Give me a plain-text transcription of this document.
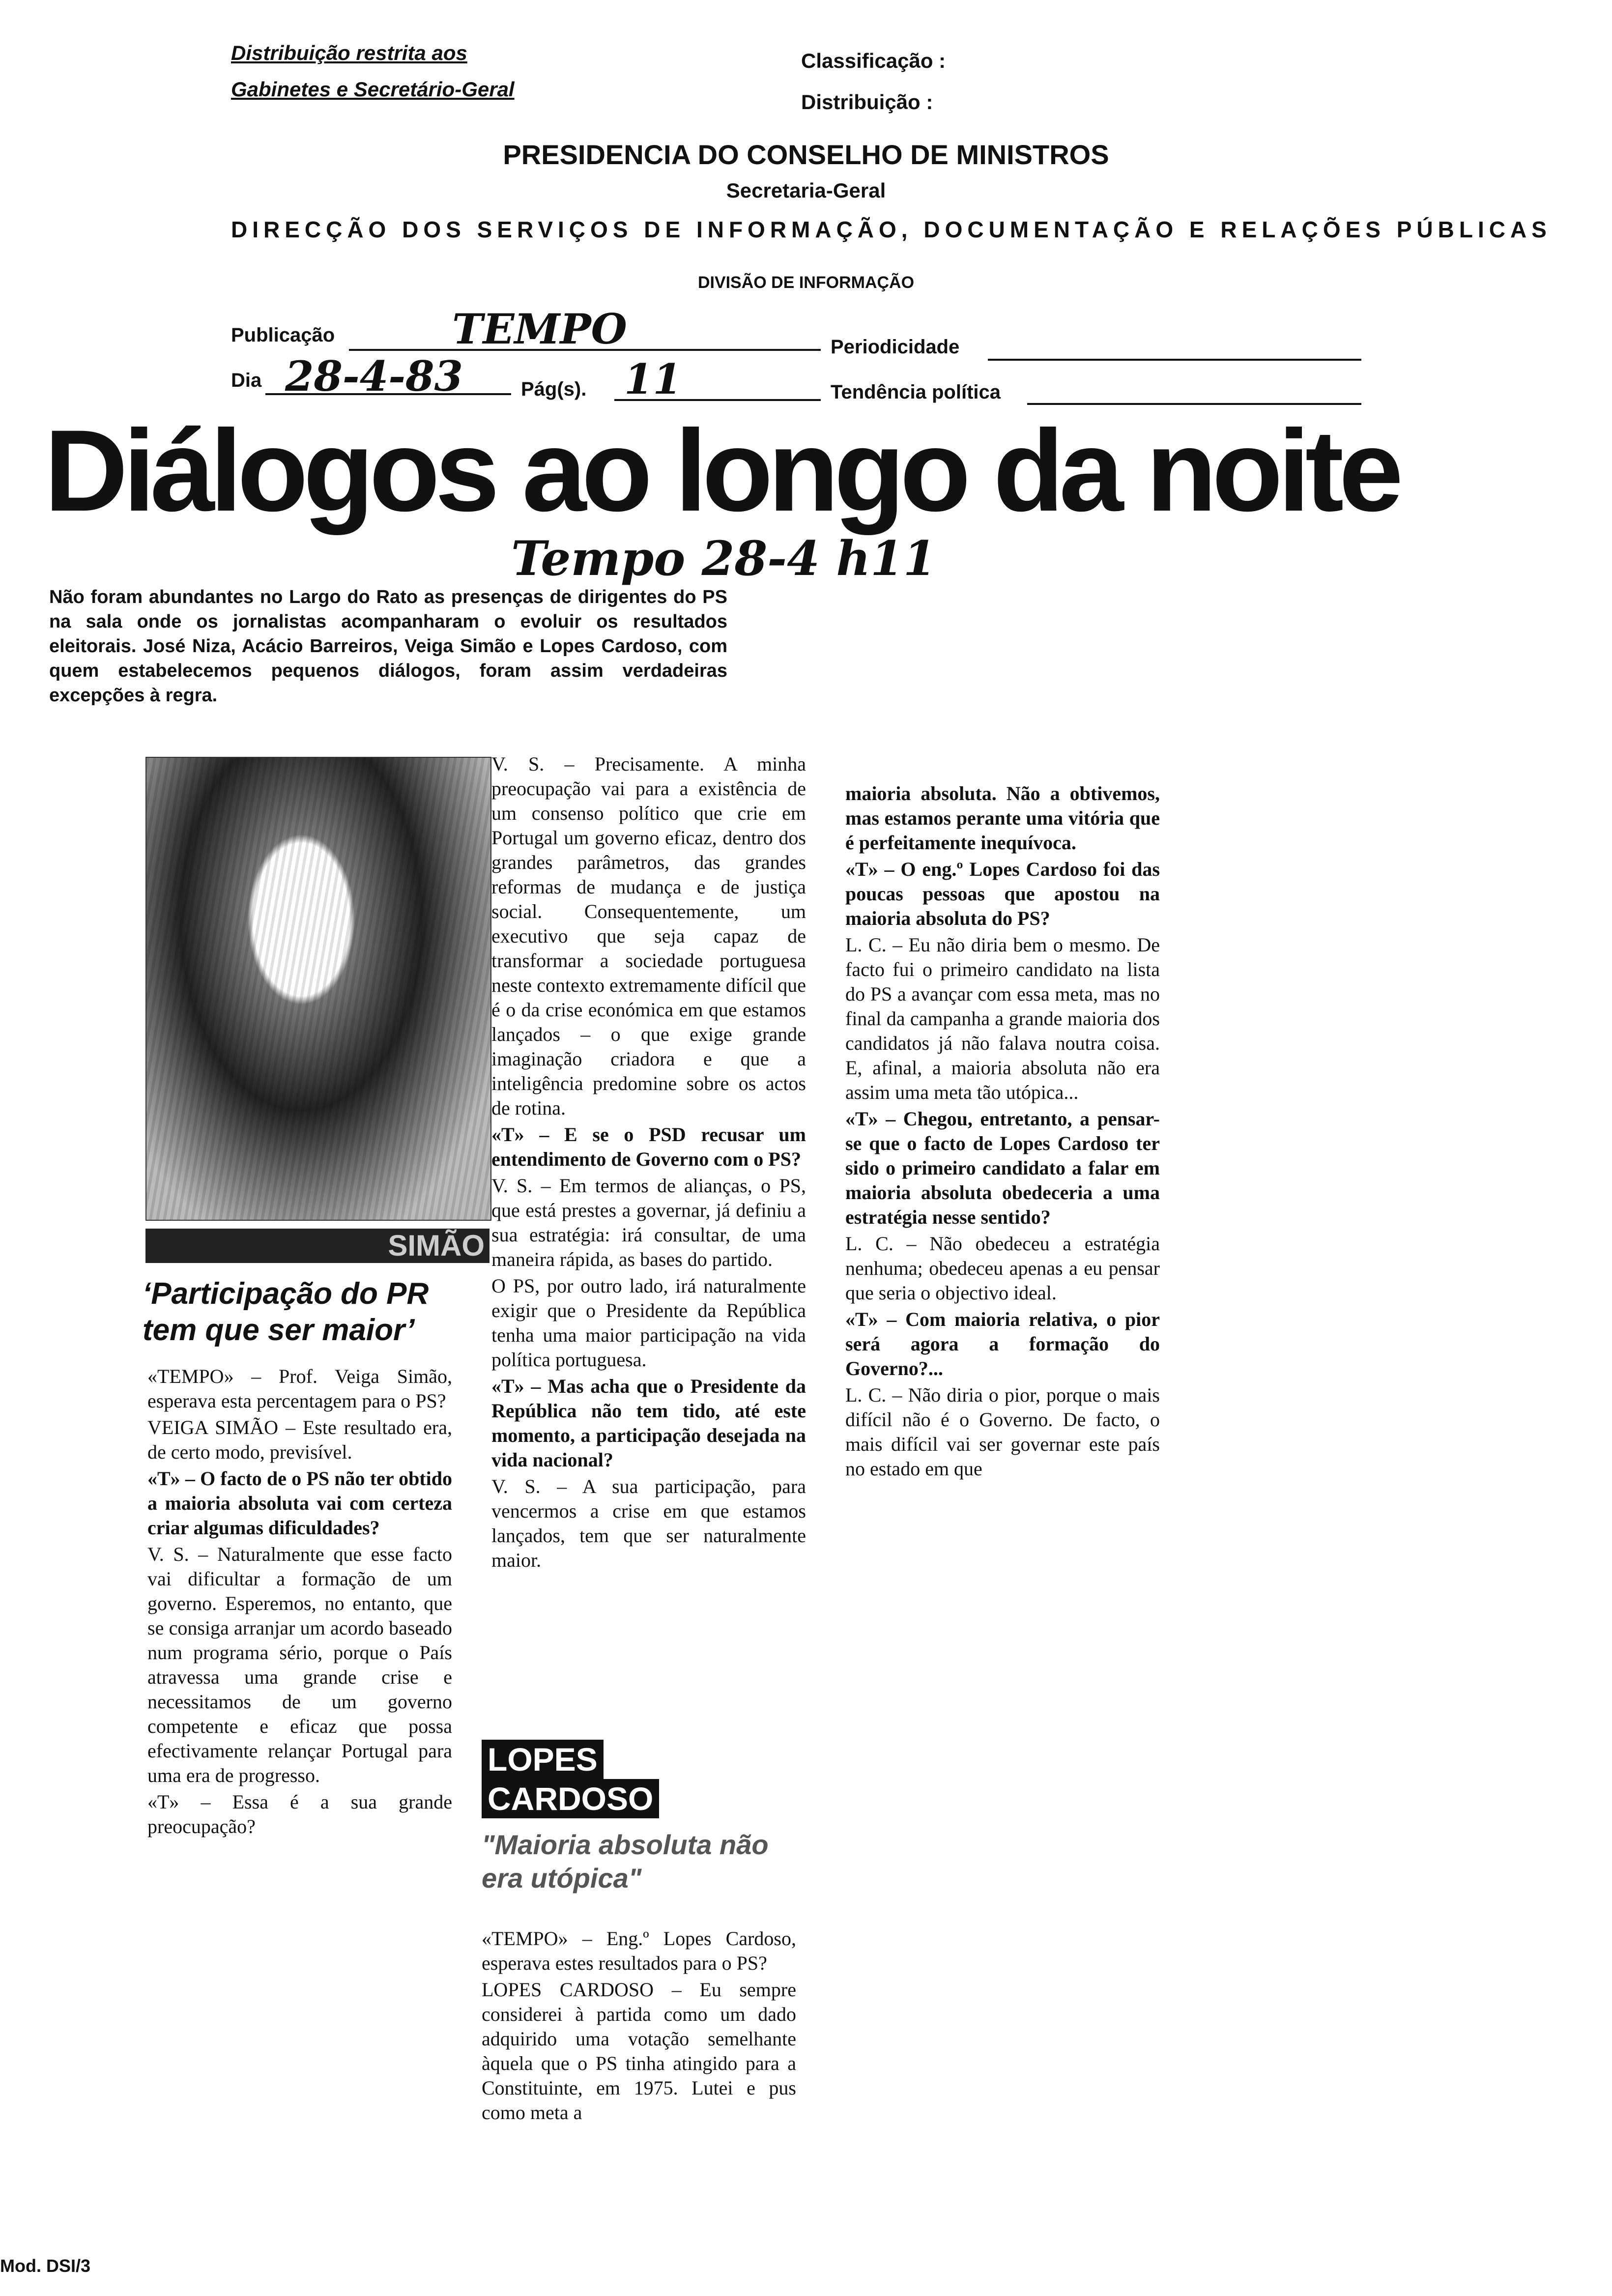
Distribuição restrita aos
Gabinetes e Secretário-Geral
Classificação :
Distribuição :
PRESIDENCIA DO CONSELHO DE MINISTROS
Secretaria-Geral
DIRECÇÃO DOS SERVIÇOS DE INFORMAÇÃO, DOCUMENTAÇÃO E RELAÇÕES PÚBLICAS
DIVISÃO DE INFORMAÇÃO
Publicação	TEMPO	Periodicidade
Dia 28-4-83	Pág(s). 11	Tendência política
Diálogos ao longo da noite
Tempo 28-4 h11
Não foram abundantes no Largo do Rato as presenças de dirigentes do PS na sala onde os jornalistas acompanharam o evoluir os resultados eleitorais. José Niza, Acácio Barreiros, Veiga Simão e Lopes Cardoso, com quem estabelecemos pequenos diálogos, foram assim verdadeiras excepções à regra.
SIMÃO
‘Participação do PR tem que ser maior’

«TEMPO» – Prof. Veiga Simão, esperava esta percentagem para o PS?

VEIGA SIMÃO – Este resultado era, de certo modo, previsível.

«T» – O facto de o PS não ter obtido a maioria absoluta vai com certeza criar algumas dificuldades?

V. S. – Naturalmente que esse facto vai dificultar a formação de um governo. Esperemos, no entanto, que se consiga arranjar um acordo baseado num programa sério, porque o País atravessa uma grande crise e necessitamos de um governo competente e eficaz que possa efectivamente relançar Portugal para uma era de progresso.

«T» – Essa é a sua grande preocupação?

V. S. – Precisamente. A minha preocupação vai para a existência de um consenso político que crie em Portugal um governo eficaz, dentro dos grandes parâmetros, das grandes reformas de mudança e de justiça social. Consequentemente, um executivo que seja capaz de transformar a sociedade portuguesa neste contexto extremamente difícil que é o da crise económica em que estamos lançados – o que exige grande imaginação criadora e que a inteligência predomine sobre os actos de rotina.

«T» – E se o PSD recusar um entendimento de Governo com o PS?

V. S. – Em termos de alianças, o PS, que está prestes a governar, já definiu a sua estratégia: irá consultar, de uma maneira rápida, as bases do partido.

O PS, por outro lado, irá naturalmente exigir que o Presidente da República tenha uma maior participação na vida política portuguesa.

«T» – Mas acha que o Presidente da República não tem tido, até este momento, a participação desejada na vida nacional?

V. S. – A sua participação, para vencermos a crise em que estamos lançados, tem que ser naturalmente maior.

LOPES
CARDOSO
"Maioria absoluta não era utópica"

«TEMPO» – Eng.º Lopes Cardoso, esperava estes resultados para o PS?

LOPES CARDOSO – Eu sempre considerei à partida como um dado adquirido uma votação semelhante àquela que o PS tinha atingido para a Constituinte, em 1975. Lutei e pus como meta a

maioria absoluta. Não a obtivemos, mas estamos perante uma vitória que é perfeitamente inequívoca.

«T» – O eng.º Lopes Cardoso foi das poucas pessoas que apostou na maioria absoluta do PS?

L. C. – Eu não diria bem o mesmo. De facto fui o primeiro candidato na lista do PS a avançar com essa meta, mas no final da campanha a grande maioria dos candidatos já não falava noutra coisa. E, afinal, a maioria absoluta não era assim uma meta tão utópica...

«T» – Chegou, entretanto, a pensar-se que o facto de Lopes Cardoso ter sido o primeiro candidato a falar em maioria absoluta obedeceria a uma estratégia nesse sentido?

L. C. – Não obedeceu a estratégia nenhuma; obedeceu apenas a eu pensar que seria o objectivo ideal.

«T» – Com maioria relativa, o pior será agora a formação do Governo?...

L. C. – Não diria o pior, porque o mais difícil não é o Governo. De facto, o mais difícil vai ser governar este país no estado em que

Mod. DSI/3
